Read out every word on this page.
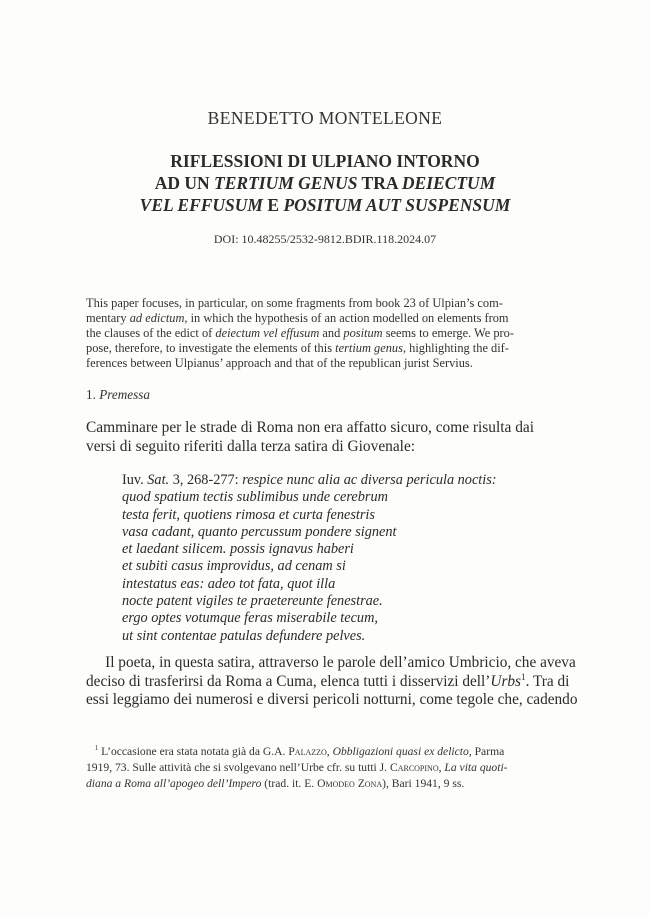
BENEDETTO MONTELEONE
RIFLESSIONI DI ULPIANO INTORNO
AD UN TERTIUM GENUS TRA DEIECTUM
VEL EFFUSUM E POSITUM AUT SUSPENSUM
DOI: 10.48255/2532-9812.BDIR.118.2024.07
This paper focuses, in particular, on some fragments from book 23 of Ulpian’s com-
mentary ad edictum, in which the hypothesis of an action modelled on elements from
the clauses of the edict of deiectum vel effusum and positum seems to emerge. We pro-
pose, therefore, to investigate the elements of this tertium genus, highlighting the dif-
ferences between Ulpianus’ approach and that of the republican jurist Servius.
1. Premessa
Camminare per le strade di Roma non era affatto sicuro, come risulta dai
versi di seguito riferiti dalla terza satira di Giovenale:
Iuv. Sat. 3, 268-277: respice nunc alia ac diversa pericula noctis:
quod spatium tectis sublimibus unde cerebrum
testa ferit, quotiens rimosa et curta fenestris
vasa cadant, quanto percussum pondere signent
et laedant silicem. possis ignavus haberi
et subiti casus improvidus, ad cenam si
intestatus eas: adeo tot fata, quot illa
nocte patent vigiles te praetereunte fenestrae.
ergo optes votumque feras miserabile tecum,
ut sint contentae patulas defundere pelves.
Il poeta, in questa satira, attraverso le parole dell’amico Umbricio, che aveva
deciso di trasferirsi da Roma a Cuma, elenca tutti i disservizi dell’Urbs$^1$. Tra di
essi leggiamo dei numerosi e diversi pericoli notturni, come tegole che, cadendo
$^1$ L’occasione era stata notata già da G.A. Palazzo, Obbligazioni quasi ex delicto, Parma
1919, 73. Sulle attività che si svolgevano nell’Urbe cfr. su tutti J. Carcopino, La vita quoti-
diana a Roma all’apogeo dell’Impero (trad. it. E. Omodeo Zona), Bari 1941, 9 ss.
